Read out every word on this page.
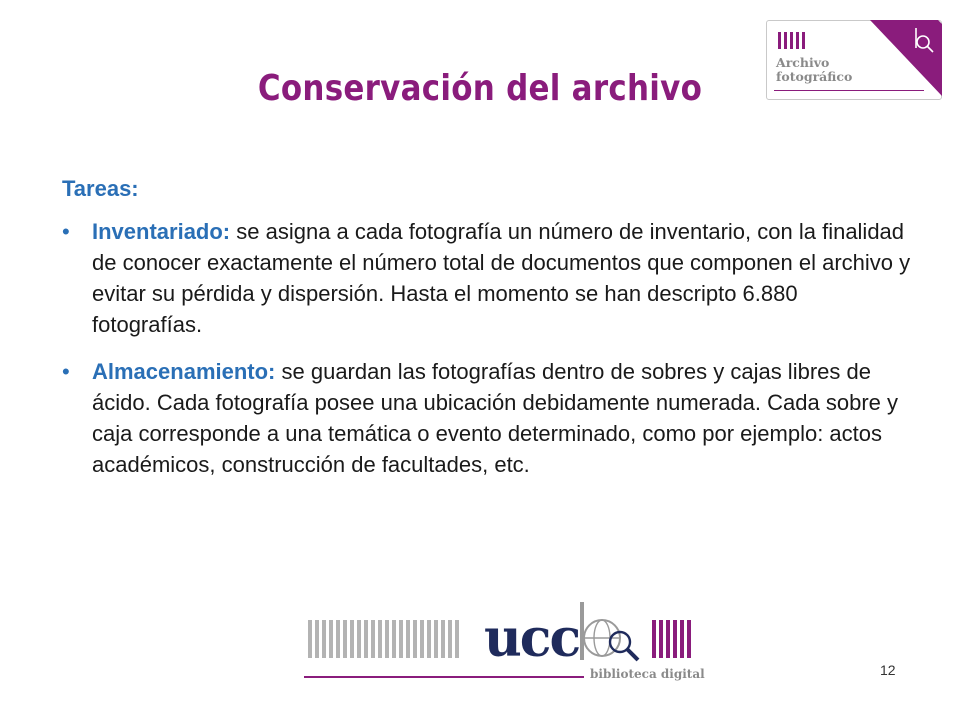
Conservación del archivo
Archivo
fotográfico
Tareas:
• Inventariado: se asigna a cada fotografía un número de inventario, con la finalidad de conocer exactamente el número total de documentos que componen el archivo y evitar su pérdida y dispersión. Hasta el momento se han descripto 6.880 fotografías.
• Almacenamiento: se guardan las fotografías dentro de sobres y cajas libres de ácido. Cada fotografía posee una ubicación debidamente numerada. Cada sobre y caja corresponde a una temática o evento determinado, como por ejemplo: actos académicos, construcción de facultades, etc.
ucc
biblioteca digital	12
